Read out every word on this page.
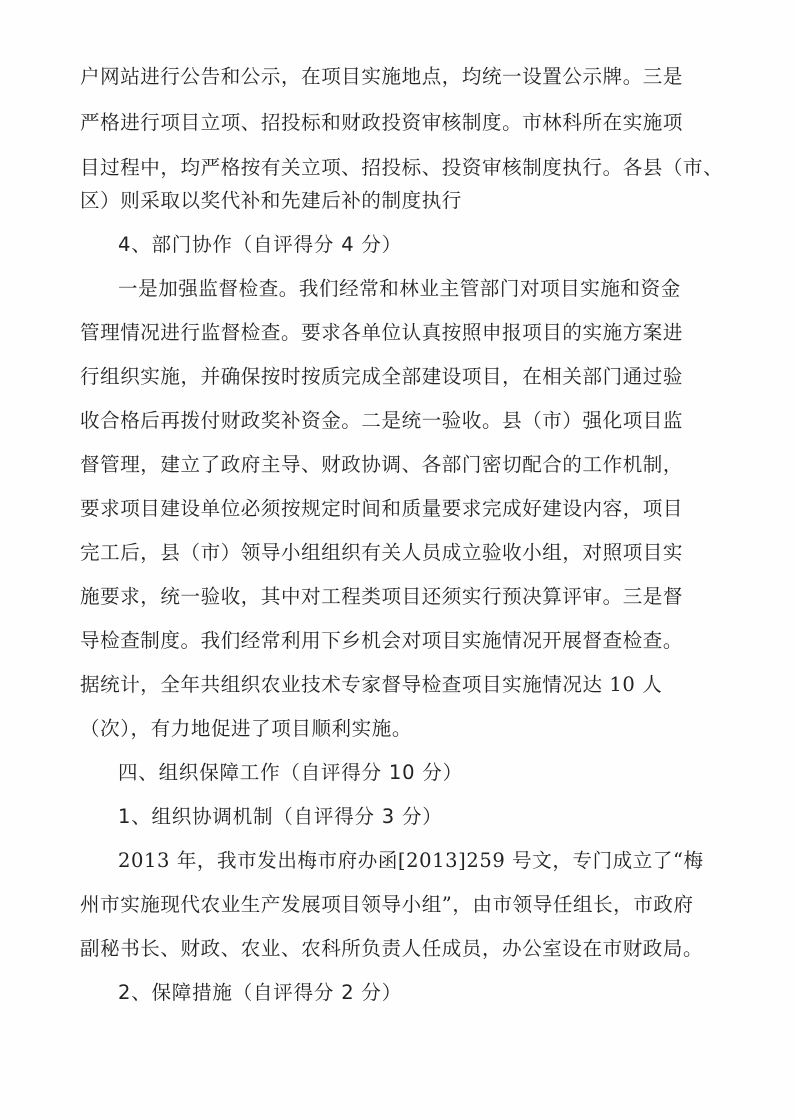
户网站进行公告和公示，在项目实施地点，均统一设置公示牌。三是
严格进行项目立项、招投标和财政投资审核制度。市林科所在实施项
目过程中，均严格按有关立项、招投标、投资审核制度执行。各县（市、
区）则采取以奖代补和先建后补的制度执行
4、部门协作（自评得分 4 分）
一是加强监督检查。我们经常和林业主管部门对项目实施和资金
管理情况进行监督检查。要求各单位认真按照申报项目的实施方案进
行组织实施，并确保按时按质完成全部建设项目，在相关部门通过验
收合格后再拨付财政奖补资金。二是统一验收。县（市）强化项目监
督管理，建立了政府主导、财政协调、各部门密切配合的工作机制，
要求项目建设单位必须按规定时间和质量要求完成好建设内容，项目
完工后，县（市）领导小组组织有关人员成立验收小组，对照项目实
施要求，统一验收，其中对工程类项目还须实行预决算评审。三是督
导检查制度。我们经常利用下乡机会对项目实施情况开展督查检查。
据统计，全年共组织农业技术专家督导检查项目实施情况达 10 人
（次），有力地促进了项目顺利实施。
四、组织保障工作（自评得分 10 分）
1、组织协调机制（自评得分 3 分）
2013 年，我市发出梅市府办函[2013]259 号文，专门成立了“梅
州市实施现代农业生产发展项目领导小组”，由市领导任组长，市政府
副秘书长、财政、农业、农科所负责人任成员，办公室设在市财政局。
2、保障措施（自评得分 2 分）
